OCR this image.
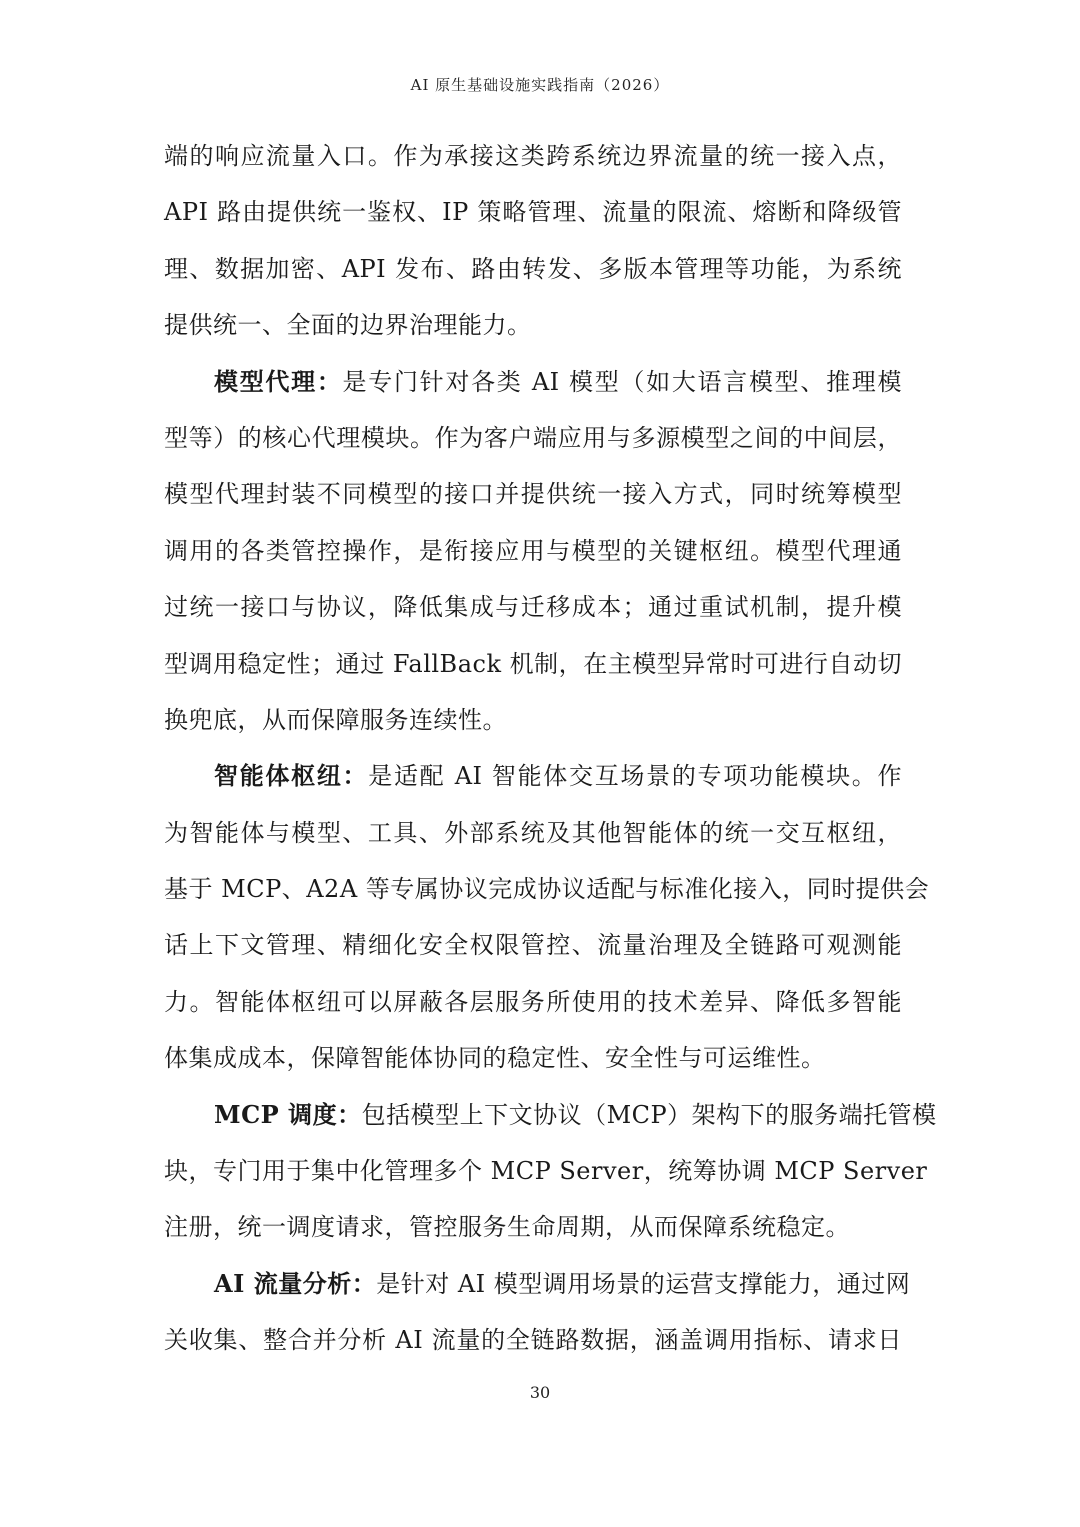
AI 原生基础设施实践指南（2026）
端的响应流量入口。作为承接这类跨系统边界流量的统一接入点，
API 路由提供统一鉴权、IP 策略管理、流量的限流、熔断和降级管
理、数据加密、API 发布、路由转发、多版本管理等功能，为系统
提供统一、全面的边界治理能力。
模型代理：是专门针对各类 AI 模型（如大语言模型、推理模
型等）的核心代理模块。作为客户端应用与多源模型之间的中间层，
模型代理封装不同模型的接口并提供统一接入方式，同时统筹模型
调用的各类管控操作，是衔接应用与模型的关键枢纽。模型代理通
过统一接口与协议，降低集成与迁移成本；通过重试机制，提升模
型调用稳定性；通过 FallBack 机制，在主模型异常时可进行自动切
换兜底，从而保障服务连续性。
智能体枢纽：是适配 AI 智能体交互场景的专项功能模块。作
为智能体与模型、工具、外部系统及其他智能体的统一交互枢纽，
基于 MCP、A2A 等专属协议完成协议适配与标准化接入，同时提供会
话上下文管理、精细化安全权限管控、流量治理及全链路可观测能
力。智能体枢纽可以屏蔽各层服务所使用的技术差异、降低多智能
体集成成本，保障智能体协同的稳定性、安全性与可运维性。
MCP 调度：包括模型上下文协议（MCP）架构下的服务端托管模
块，专门用于集中化管理多个 MCP Server，统筹协调 MCP Server
注册，统一调度请求，管控服务生命周期，从而保障系统稳定。
AI 流量分析：是针对 AI 模型调用场景的运营支撑能力，通过网
关收集、整合并分析 AI 流量的全链路数据，涵盖调用指标、请求日
30
